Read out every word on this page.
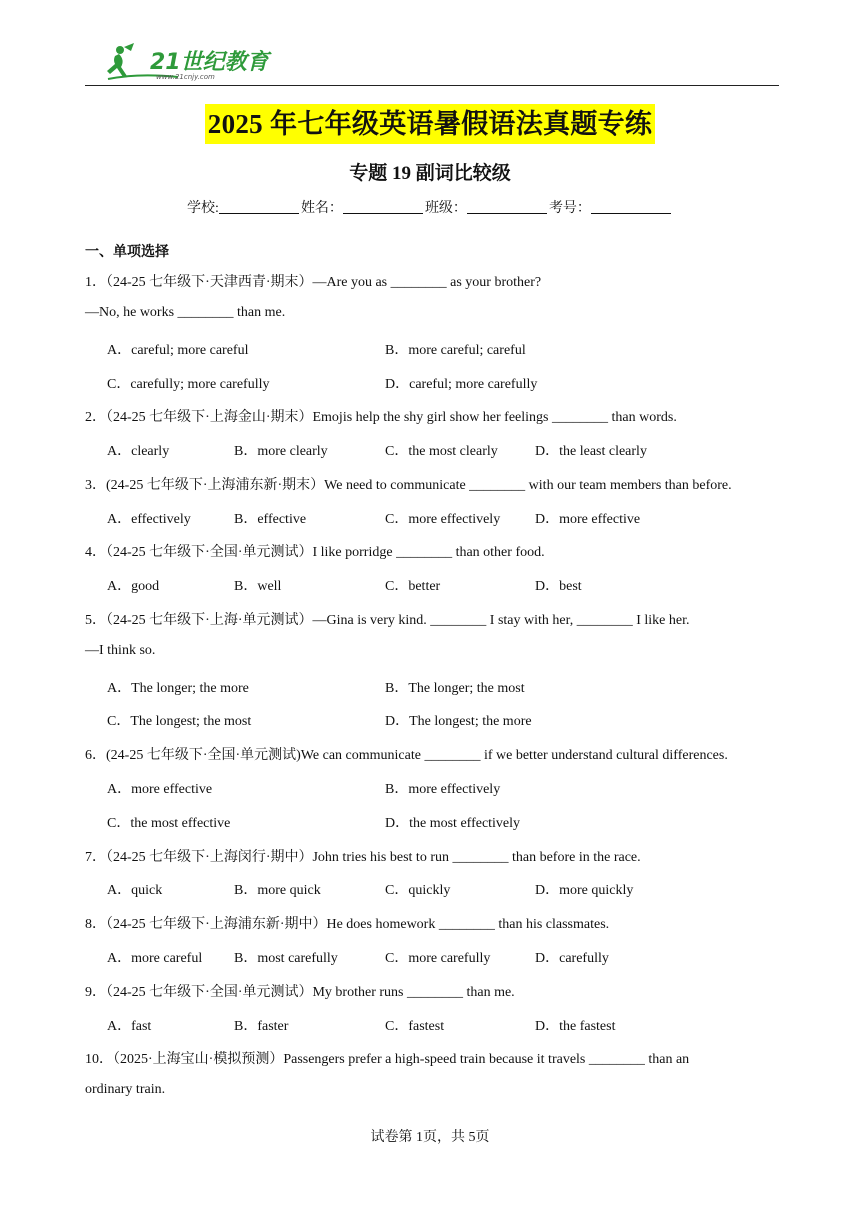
21世纪教育
www.21cnjy.com
2025 年七年级英语暑假语法真题专练
专题 19 副词比较级
学校:	姓名：	班级：	考号：
一、单项选择
1．（24-25 七年级下·天津西青·期末）—Are you as ________ as your brother?
—No, he works ________ than me.
A．careful; more careful	B．more careful; careful
C．carefully; more carefully	D．careful; more carefully
2．（24-25 七年级下·上海金山·期末）Emojis help the shy girl show her feelings ________ than words.
A．clearly	B．more clearly	C．the most clearly	D．the least clearly
3．(24-25 七年级下·上海浦东新·期末）We need to communicate ________ with our team members than before.
A．effectively	B．effective	C．more effectively D．more effective
4．（24-25 七年级下·全国·单元测试）I like porridge ________ than other food.
A．good	B．well	C．better	D．best
5．（24-25 七年级下·上海·单元测试）—Gina is very kind. ________ I stay with her, ________ I like her.
—I think so.
A．The longer; the more	B．The longer; the most
C．The longest; the most	D．The longest; the more
6．(24-25 七年级下·全国·单元测试)We can communicate ________ if we better understand cultural differences.
A．more effective	B．more effectively
C．the most effective	D．the most effectively
7．（24-25 七年级下·上海闵行·期中）John tries his best to run ________ than before in the race.
A．quick	B．more quick	C．quickly	D．more quickly
8．（24-25 七年级下·上海浦东新·期中）He does homework ________ than his classmates.
A．more careful B．most carefully	C．more carefully	D．carefully
9．（24-25 七年级下·全国·单元测试）My brother runs ________ than me.
A．fast	B．faster	C．fastest	D．the fastest
10．（2025·上海宝山·模拟预测）Passengers prefer a high-speed train because it travels ________ than an
ordinary train.
试卷第 1页，共 5页
